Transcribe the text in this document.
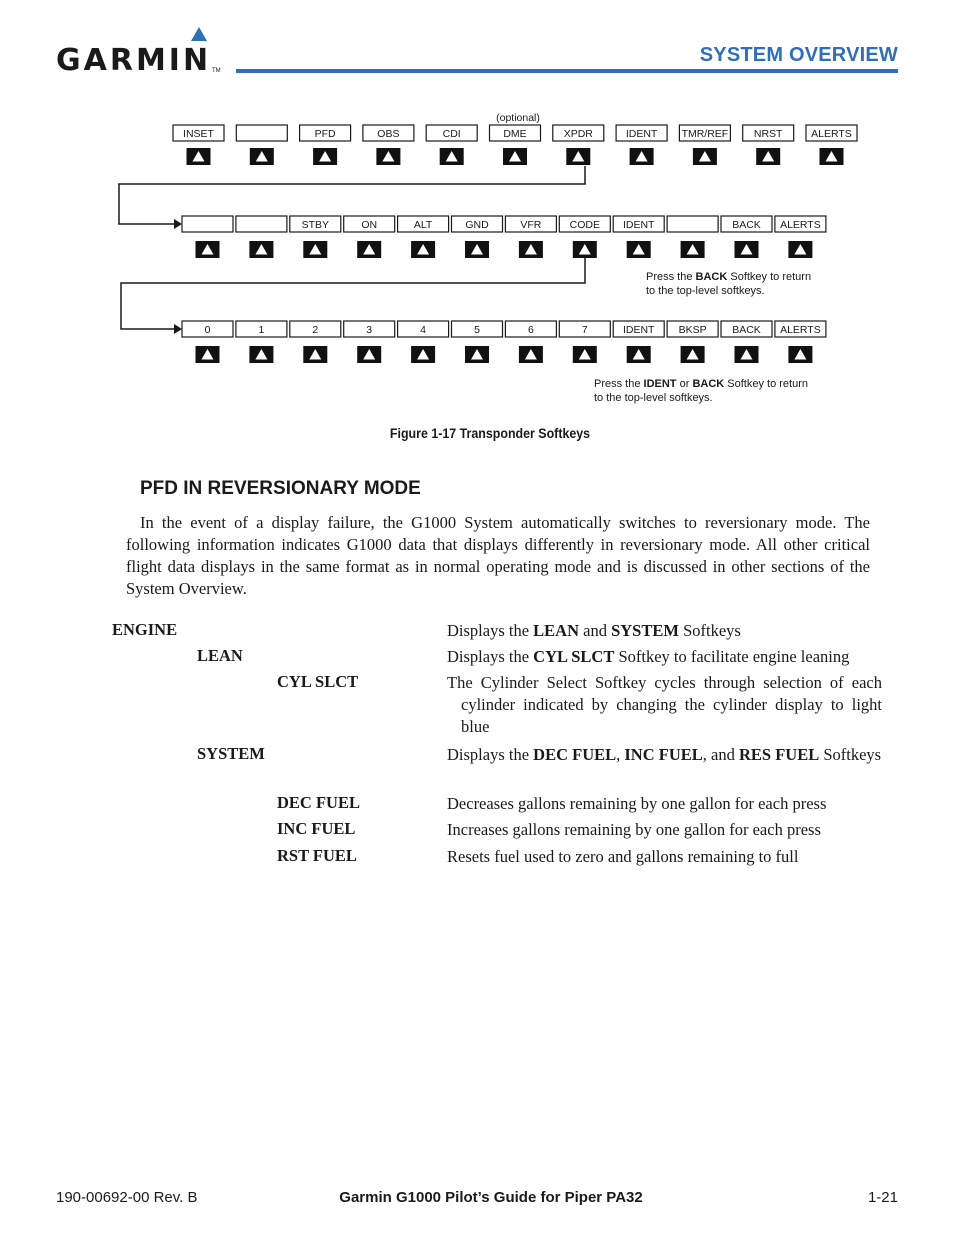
GARMIN TM
SYSTEM OVERVIEW
INSET	PFD	OBS	CDI	DME	XPDR	IDENT TMR/REF NRST	ALERTS
STBY	ON	ALT	GND	VFR	CODE IDENT	BACK ALERTS
0	1	2	3	4	5	6	7	IDENT BKSP BACK ALERTS
(optional)
Press the BACK Softkey to return
to the top-level softkeys.
Press the IDENT or BACK Softkey to return
to the top-level softkeys.
Figure 1-17 Transponder Softkeys
PFD IN REVERSIONARY MODE
In the event of a display failure, the G1000 System automatically switches to reversionary mode. The following information indicates G1000 data that displays differently in reversionary mode. All other critical flight data displays in the same format as in normal operating mode and is discussed in other sections of the System Overview.
ENGINE	Displays the LEAN and SYSTEM Softkeys
LEAN	Displays the CYL SLCT Softkey to facilitate engine leaning
CYL SLCT	The Cylinder Select Softkey cycles through selection of each cylinder indicated by changing the cylinder display to light blue
SYSTEM	Displays the DEC FUEL, INC FUEL, and RES FUEL Softkeys
DEC FUEL	Decreases gallons remaining by one gallon for each press
INC FUEL	Increases gallons remaining by one gallon for each press
RST FUEL	Resets fuel used to zero and gallons remaining to full
190-00692-00 Rev. B	Garmin G1000 Pilot’s Guide for Piper PA32	1-21
